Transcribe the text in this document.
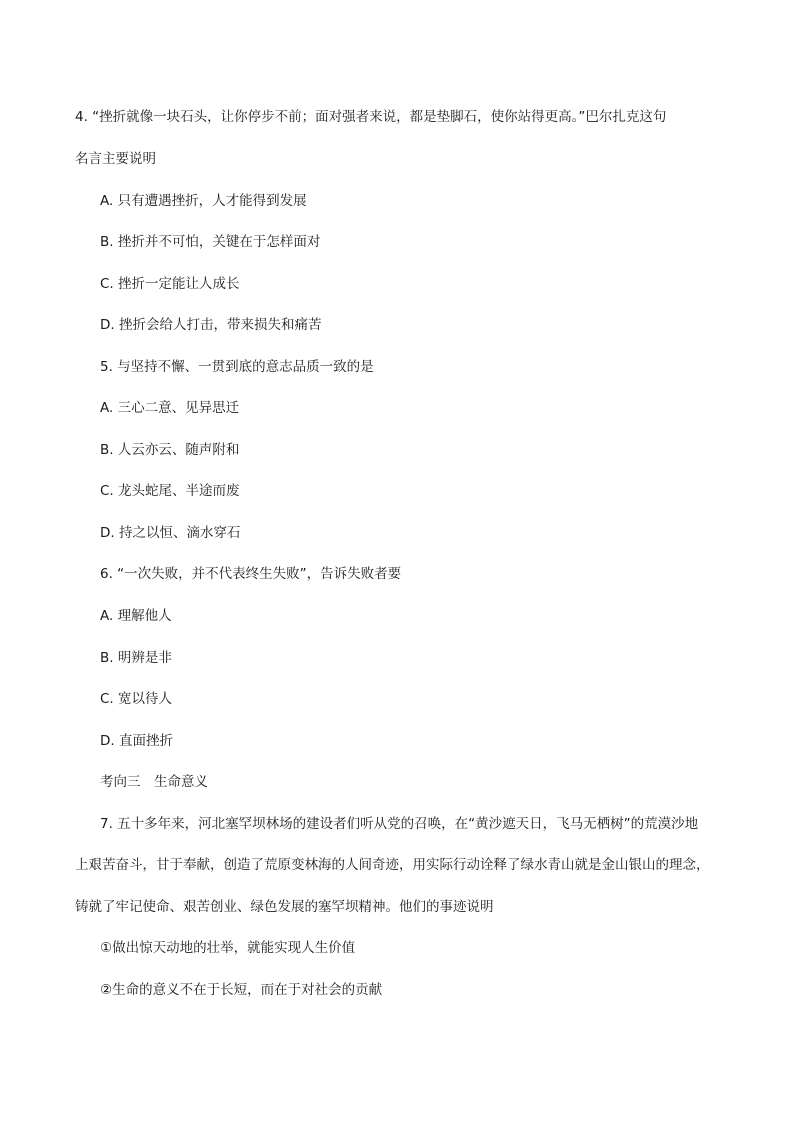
4. “挫折就像一块石头，让你停步不前；面对强者来说，都是垫脚石，使你站得更高。”巴尔扎克这句
名言主要说明
A. 只有遭遇挫折，人才能得到发展
B. 挫折并不可怕，关键在于怎样面对
C. 挫折一定能让人成长
D. 挫折会给人打击，带来损失和痛苦
5. 与坚持不懈、一贯到底的意志品质一致的是
A. 三心二意、见异思迁
B. 人云亦云、随声附和
C. 龙头蛇尾、半途而废
D. 持之以恒、滴水穿石
6. “一次失败，并不代表终生失败”，告诉失败者要
A. 理解他人
B. 明辨是非
C. 宽以待人
D. 直面挫折
考向三　生命意义
7. 五十多年来，河北塞罕坝林场的建设者们听从党的召唤，在“黄沙遮天日，飞马无栖树”的荒漠沙地
上艰苦奋斗，甘于奉献，创造了荒原变林海的人间奇迹，用实际行动诠释了绿水青山就是金山银山的理念，
铸就了牢记使命、艰苦创业、绿色发展的塞罕坝精神。他们的事迹说明
①做出惊天动地的壮举，就能实现人生价值
②生命的意义不在于长短，而在于对社会的贡献
